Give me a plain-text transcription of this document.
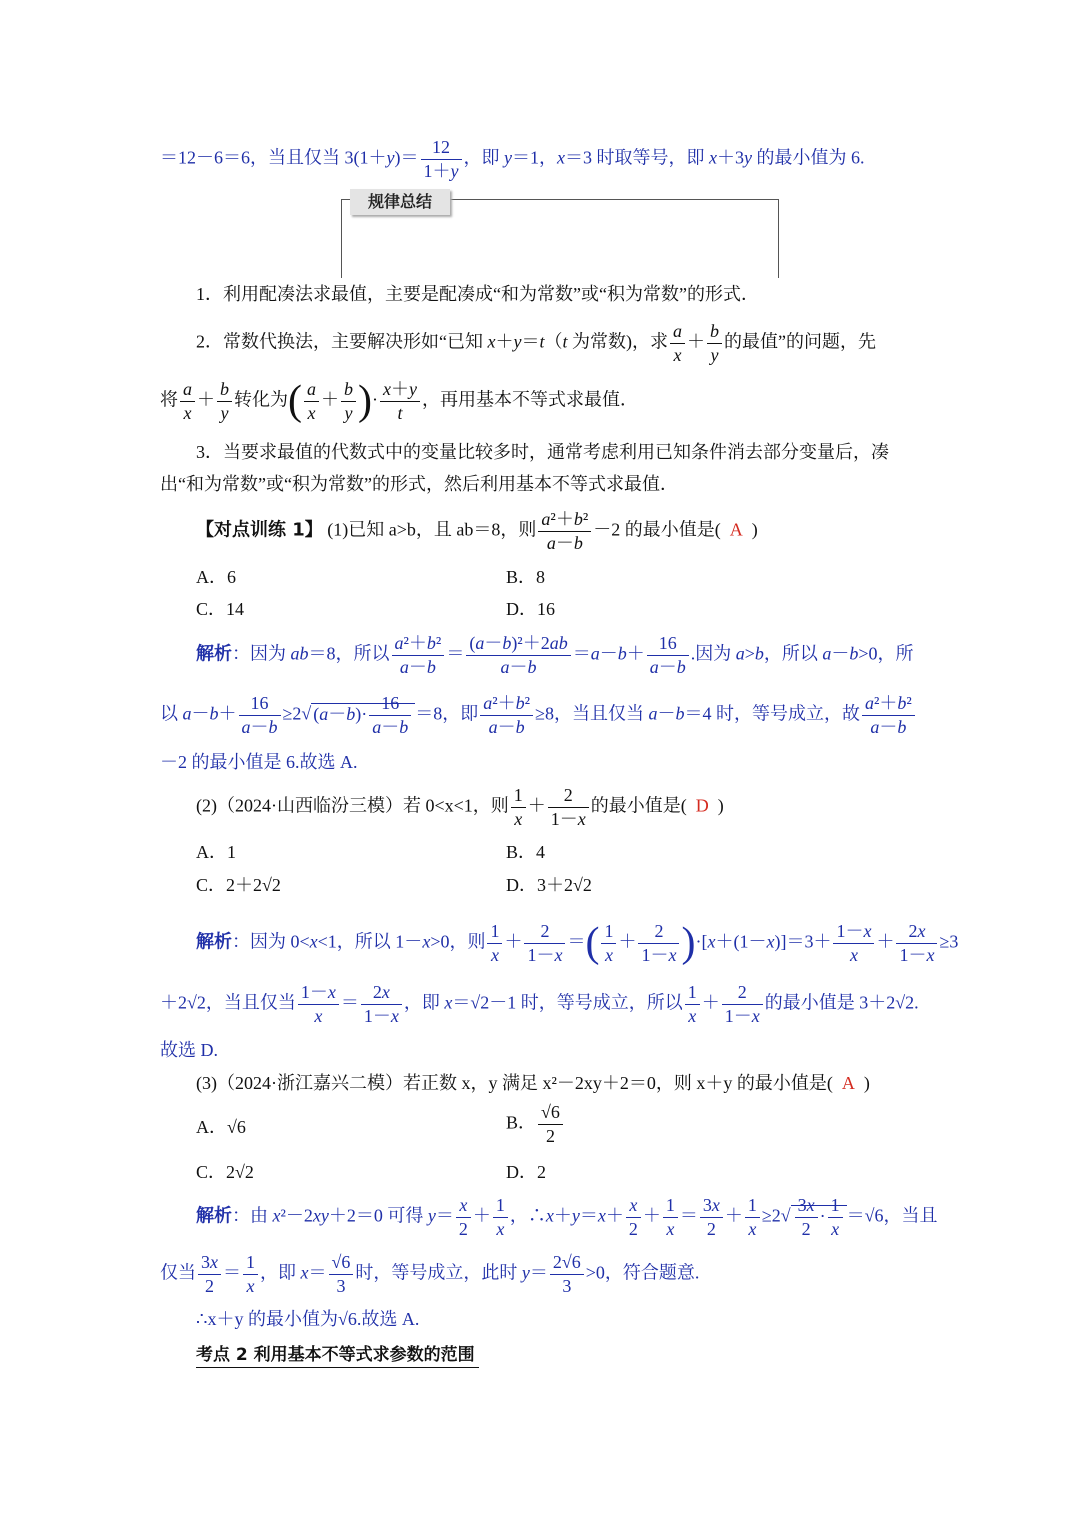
＝12－6＝6，当且仅当 $3(1+y)= \frac{12}{1+y}$ ，即 y＝1，x＝3 时取等号，即 x＋3y 的最小值为 6.
规律总结
1．利用配凑法求最值，主要是配凑成“和为常数”或“积为常数”的形式．
2．常数代换法，主要解决形如“已知 x＋y＝t（t 为常数)，求 $\frac{a}{x} + \frac{b}{y}$ 的最值”的问题，先
将 $\frac{a}{x} + \frac{b}{y}$ 转化为( $\frac{a}{x} + \frac{b}{y}$ )· $\frac{x+y}{t}$ ，再用基本不等式求最值．
3．当要求最值的代数式中的变量比较多时，通常考虑利用已知条件消去部分变量后，凑
出“和为常数”或“积为常数”的形式，然后利用基本不等式求最值．
【对点训练 1】 (1)已知 a>b，且 ab＝8，则 $\frac{\text{a²＋b²}}{a-b} -2$ 的最小值是( A  )
A．6	B．8
C．14	D．16
解析：因为 ab＝8，所以 $\frac{\text{a²＋b²}}{a-b} = \frac{\text{(a－b)²＋2ab}}{a-b} =a-b+ \frac{16}{a-b}$ .因为 a>b，所以 a－b>0，所
以 $a-b+ \frac{16}{a-b} \ge 2√$ $(a-b)\cdot \frac{16}{a-b} =8$，即 $\frac{\text{a²＋b²}}{a-b} \ge 8$，当且仅当 a－b＝4 时，等号成立，故 $\frac{\text{a²＋b²}}{a-b}$
－2 的最小值是 6.故选 A.
(2)（2024·山西临汾三模）若 0<x<1，则 $\frac{1}{x} + \frac{2}{1-x}$ 的最小值是( D  )
A．1	B．4
C．2＋2√2	D．3＋2√2
解析：因为 0<x<1，所以 1－x>0，则 $\frac{1}{x} + \frac{2}{1-x}$ ＝( $\frac{1}{x} + \frac{2}{1-x} )\cdot[x+(1-x)]=3+ \frac{1-x}{x} + \frac{2x}{1-x} \ge 3$
＋2√2，当且仅当 $\frac{1-x}{x} = \frac{2x}{1-x}$ ，即 x＝√2－1 时，等号成立，所以 $\frac{1}{x} + \frac{2}{1-x}$ 的最小值是 3＋2√2.
故选 D.
(3)（2024·浙江嘉兴二模）若正数 x，y 满足 x²－2xy＋2＝0，则 x＋y 的最小值是( A  )
A．√6	B． $\frac{√6}{2}$
C．2√2	D．2
解析：由 x²－2xy＋2＝0 可得 $y= \frac{x}{2} + \frac{1}{x}$ ，∴x＋y＝x＋ $\frac{x}{2} + \frac{1}{x} = \frac{3x}{2} + \frac{1}{x} \ge 2√ \frac{3x}{2} \cdot \frac{1}{x} =√6$，当且
仅当 $\frac{3x}{2} = \frac{1}{x}$ ，即 $x= \frac{√6}{3}$ 时，等号成立，此时 $y= \frac{2√6}{3} >0$，符合题意.
∴x＋y 的最小值为√6.故选 A.
考点 2 利用基本不等式求参数的范围
